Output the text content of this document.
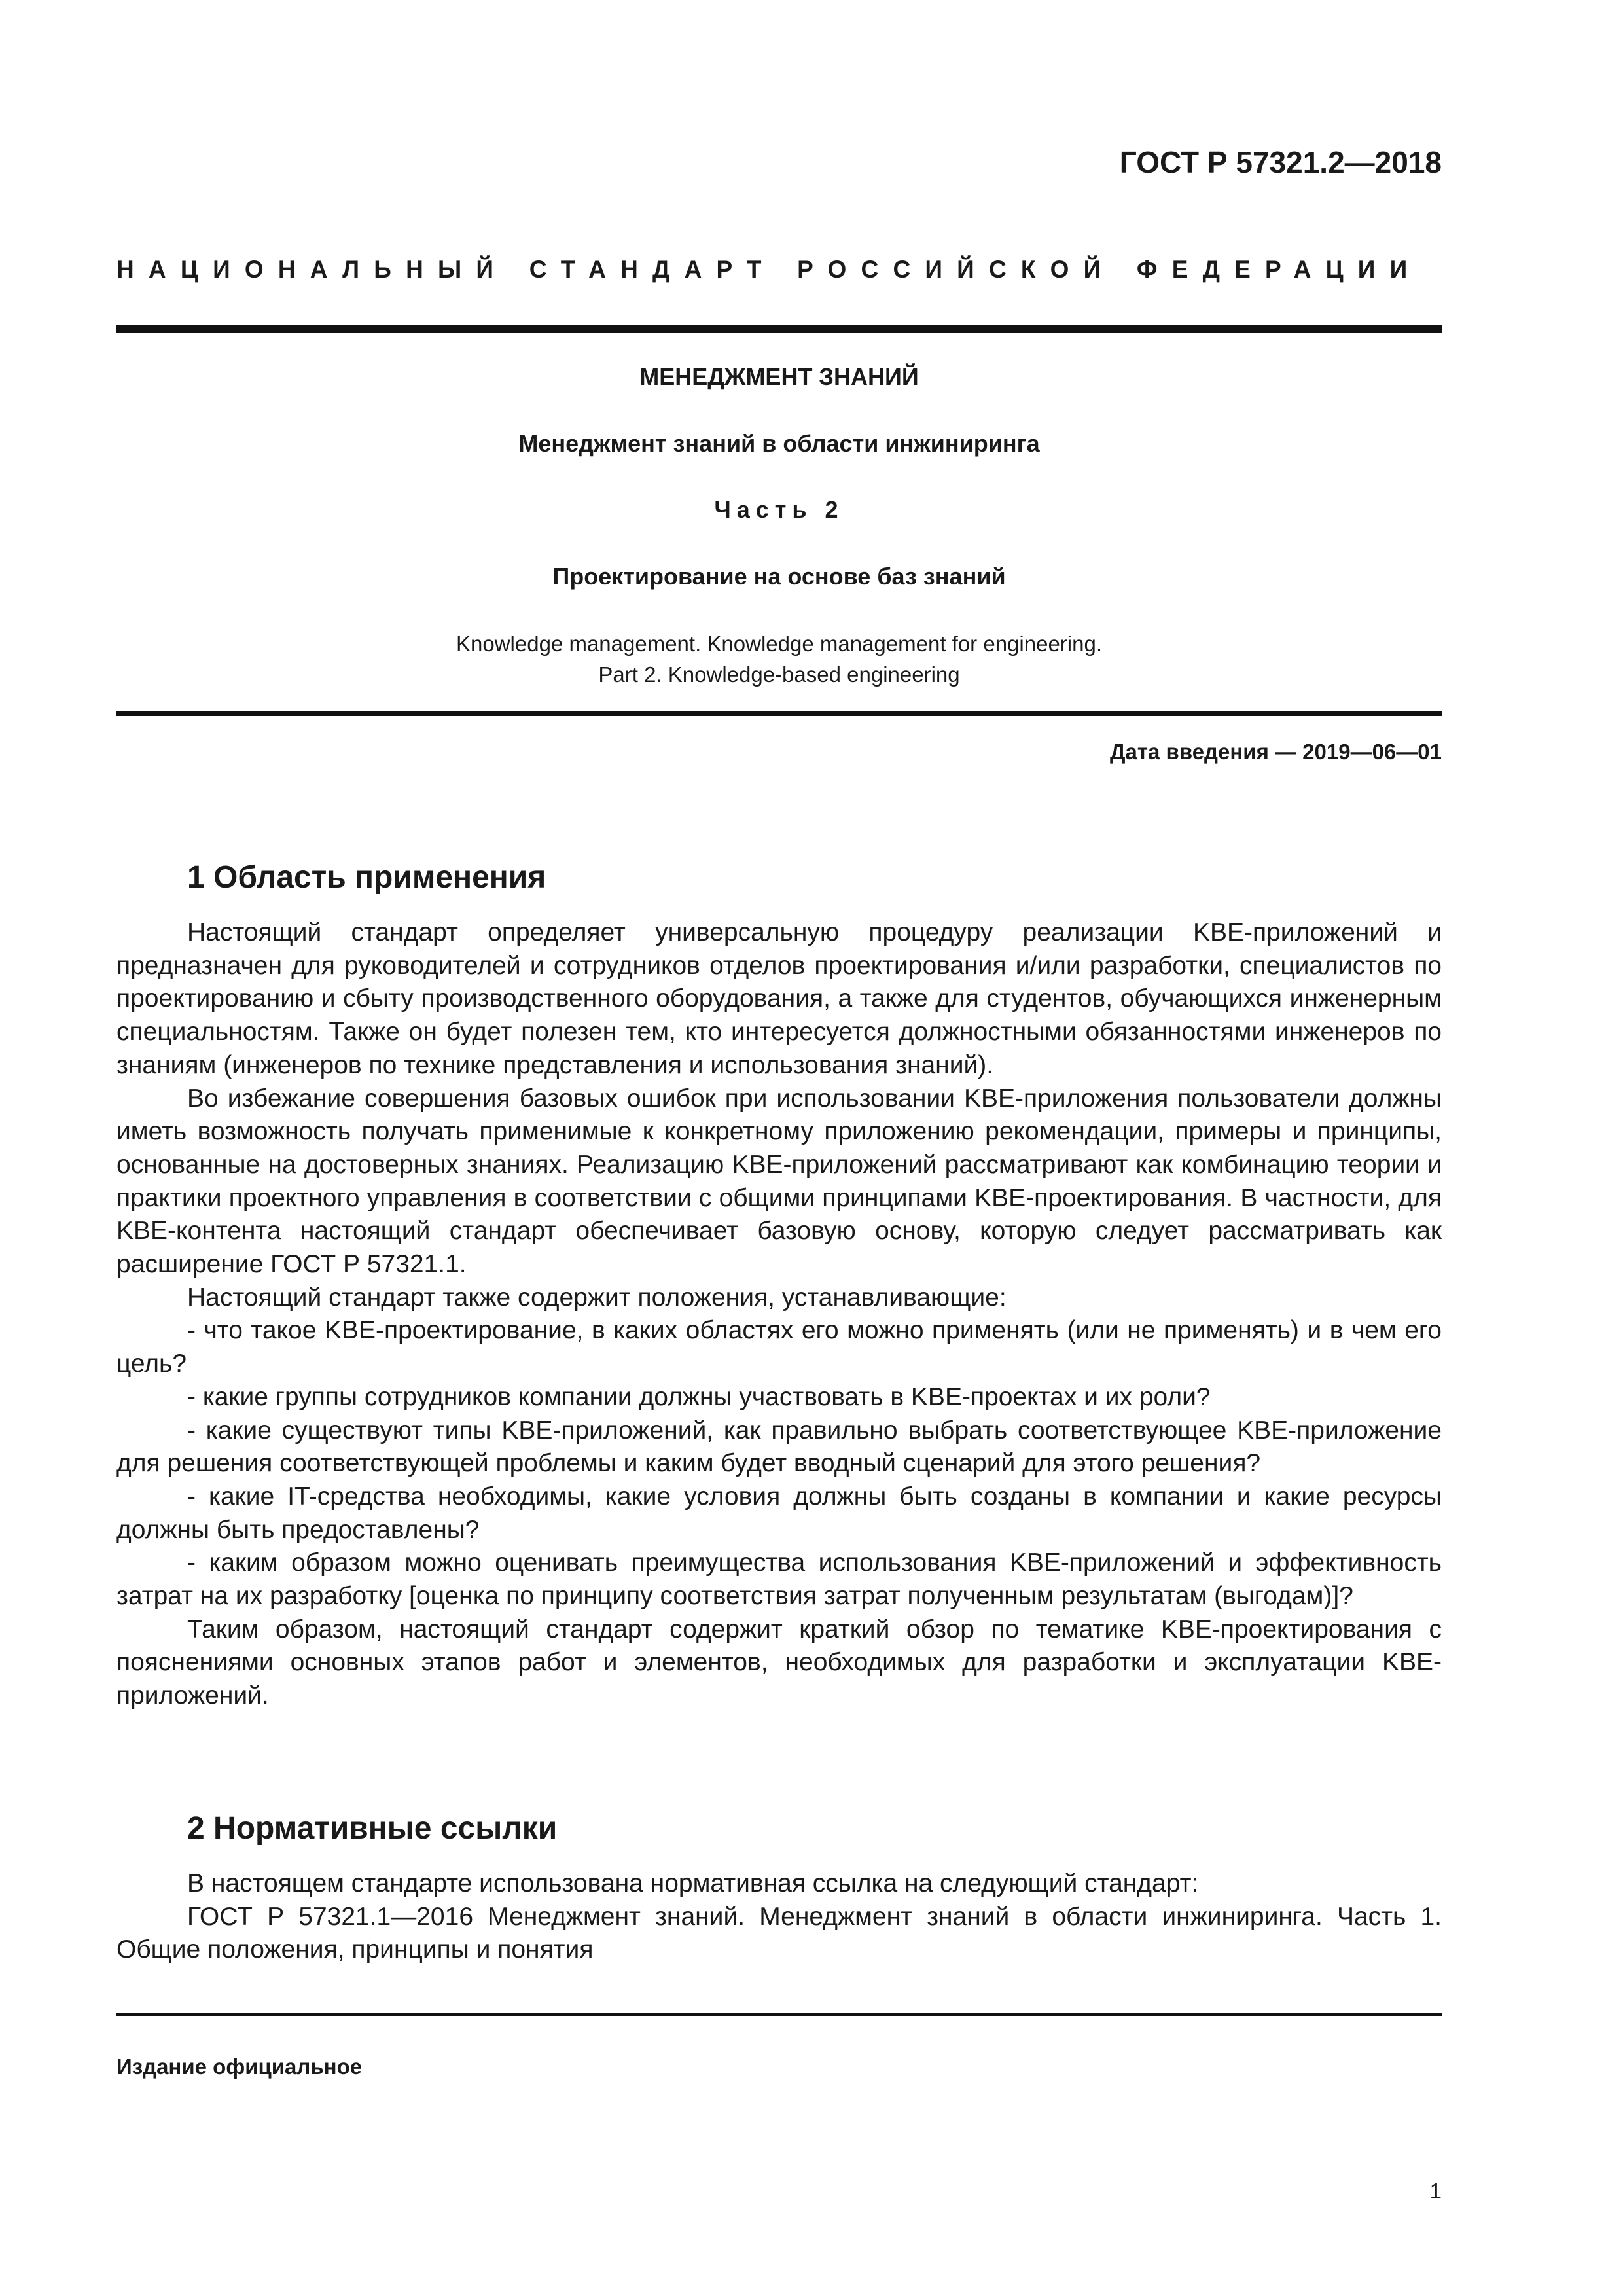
ГОСТ Р 57321.2—2018
НАЦИОНАЛЬНЫЙ СТАНДАРТ РОССИЙСКОЙ ФЕДЕРАЦИИ
МЕНЕДЖМЕНТ ЗНАНИЙ
Менеджмент знаний в области инжиниринга
Часть 2
Проектирование на основе баз знаний
Knowledge management. Knowledge management for engineering.
Part 2. Knowledge-based engineering
Дата введения — 2019—06—01
1 Область применения

Настоящий стандарт определяет универсальную процедуру реализации KBE-приложений и предназначен для руководителей и сотрудников отделов проектирования и/или разработки, специалистов по проектированию и сбыту производственного оборудования, а также для студентов, обучающихся инженерным специальностям. Также он будет полезен тем, кто интересуется должностными обязанностями инженеров по знаниям (инженеров по технике представления и использования знаний).

Во избежание совершения базовых ошибок при использовании KBE-приложения пользователи должны иметь возможность получать применимые к конкретному приложению рекомендации, примеры и принципы, основанные на достоверных знаниях. Реализацию KBE-приложений рассматривают как комбинацию теории и практики проектного управления в соответствии с общими принципами KBE-проектирования. В частности, для KBE-контента настоящий стандарт обеспечивает базовую основу, которую следует рассматривать как расширение ГОСТ Р 57321.1.

Настоящий стандарт также содержит положения, устанавливающие:

- что такое KBE-проектирование, в каких областях его можно применять (или не применять) и в чем его цель?

- какие группы сотрудников компании должны участвовать в KBE-проектах и их роли?

- какие существуют типы KBE-приложений, как правильно выбрать соответствующее KBE-приложение для решения соответствующей проблемы и каким будет вводный сценарий для этого решения?

- какие IT-средства необходимы, какие условия должны быть созданы в компании и какие ресурсы должны быть предоставлены?

- каким образом можно оценивать преимущества использования KBE-приложений и эффективность затрат на их разработку [оценка по принципу соответствия затрат полученным результатам (выгодам)]?

Таким образом, настоящий стандарт содержит краткий обзор по тематике KBE-проектирования с пояснениями основных этапов работ и элементов, необходимых для разработки и эксплуатации KBE-приложений.

2 Нормативные ссылки

В настоящем стандарте использована нормативная ссылка на следующий стандарт:

ГОСТ Р 57321.1—2016 Менеджмент знаний. Менеджмент знаний в области инжиниринга. Часть 1. Общие положения, принципы и понятия

Издание официальное
1
